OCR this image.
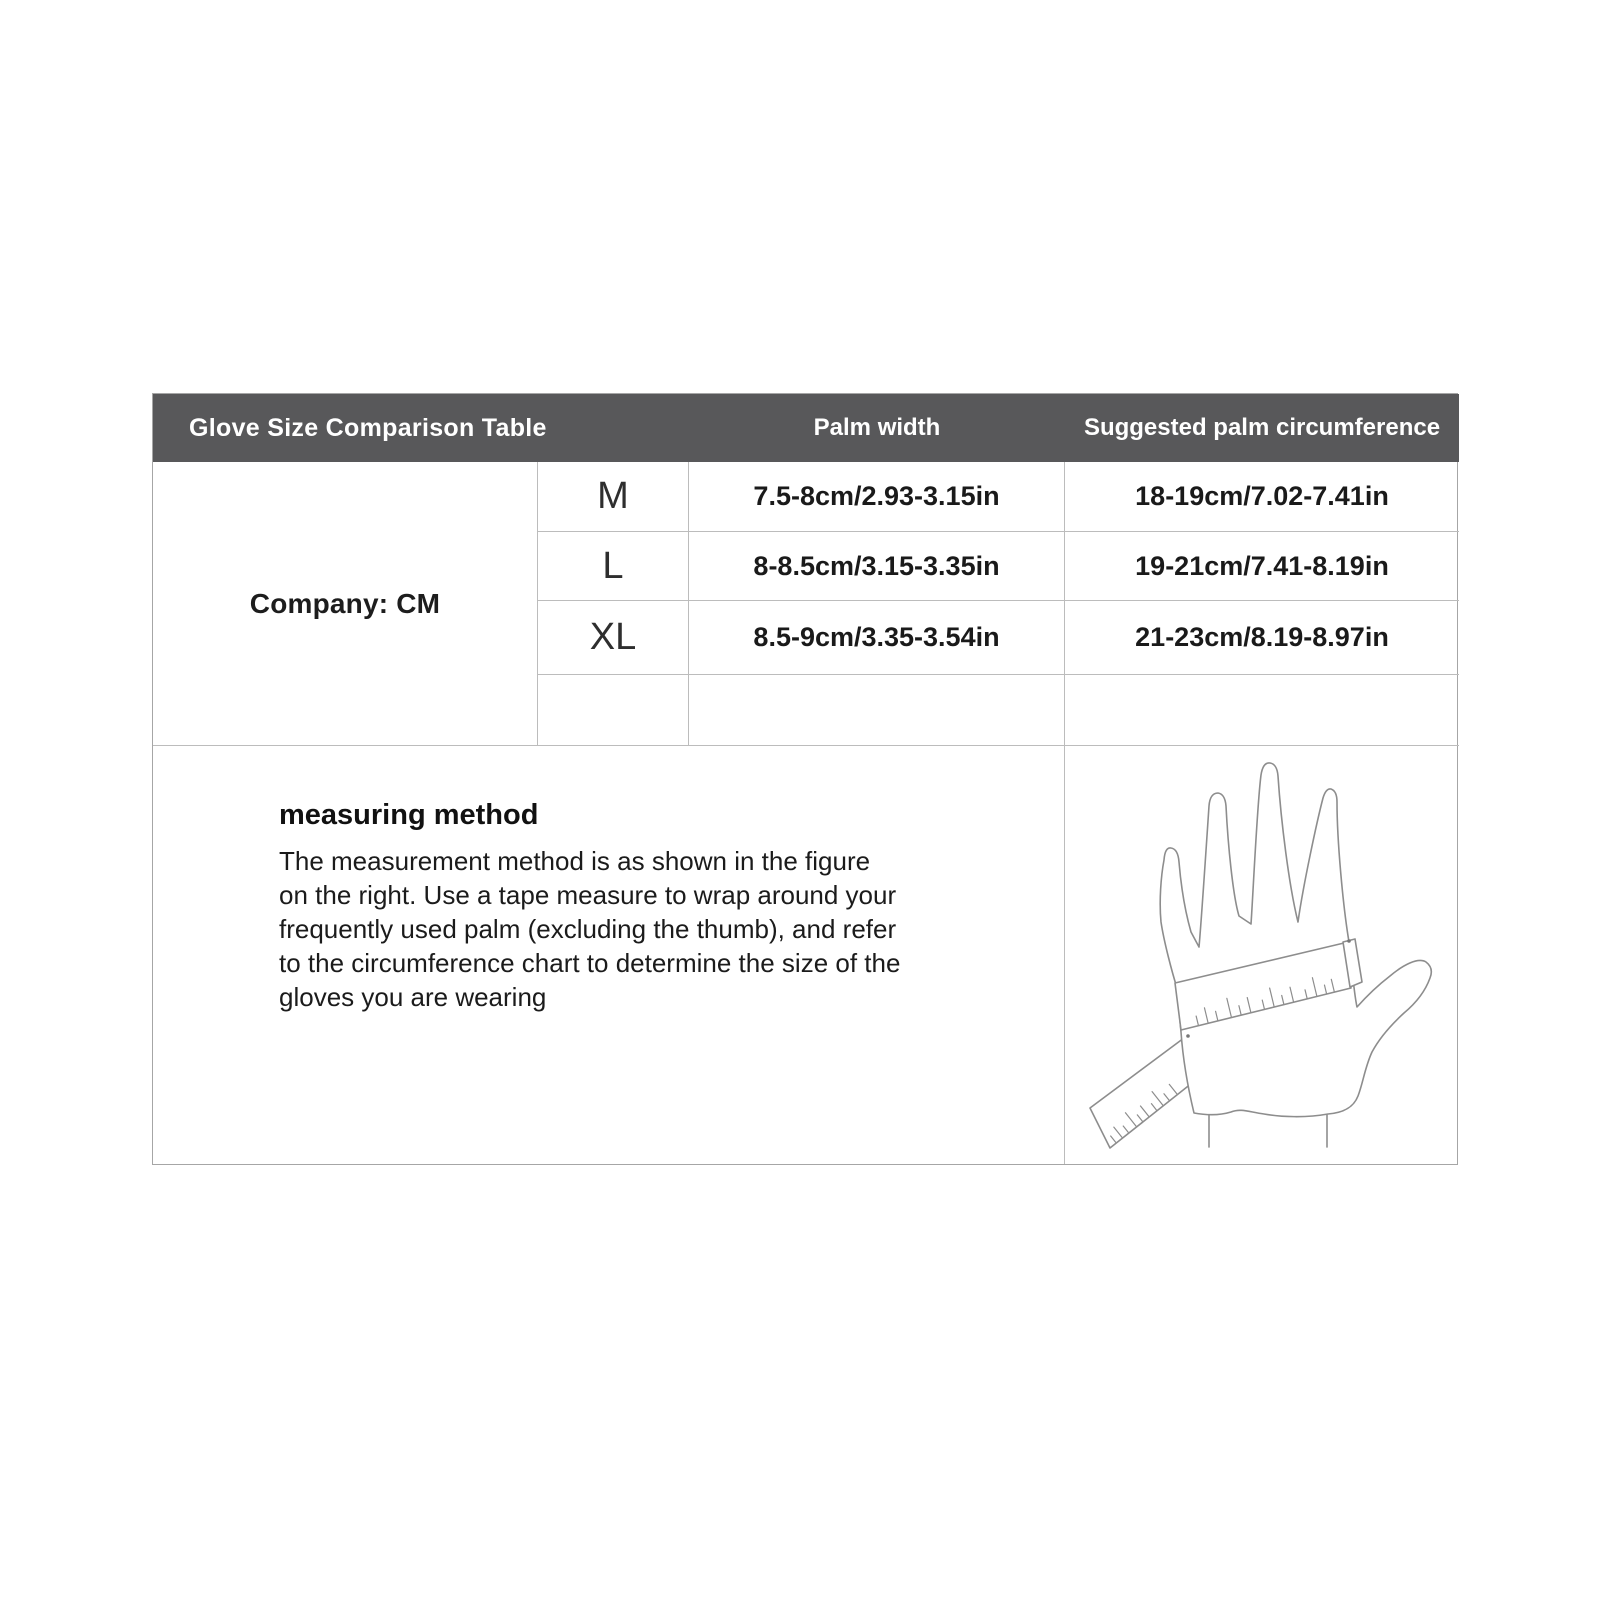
Glove Size Comparison Table	Palm width	Suggested palm circumference
Company: CM
M	7.5-8cm/2.93-3.15in	18-19cm/7.02-7.41in
L	8-8.5cm/3.15-3.35in	19-21cm/7.41-8.19in
XL	8.5-9cm/3.35-3.54in	21-23cm/8.19-8.97in
measuring method
The measurement method is as shown in the figure
on the right. Use a tape measure to wrap around your
frequently used palm (excluding the thumb), and refer
to the circumference chart to determine the size of the
gloves you are wearing
